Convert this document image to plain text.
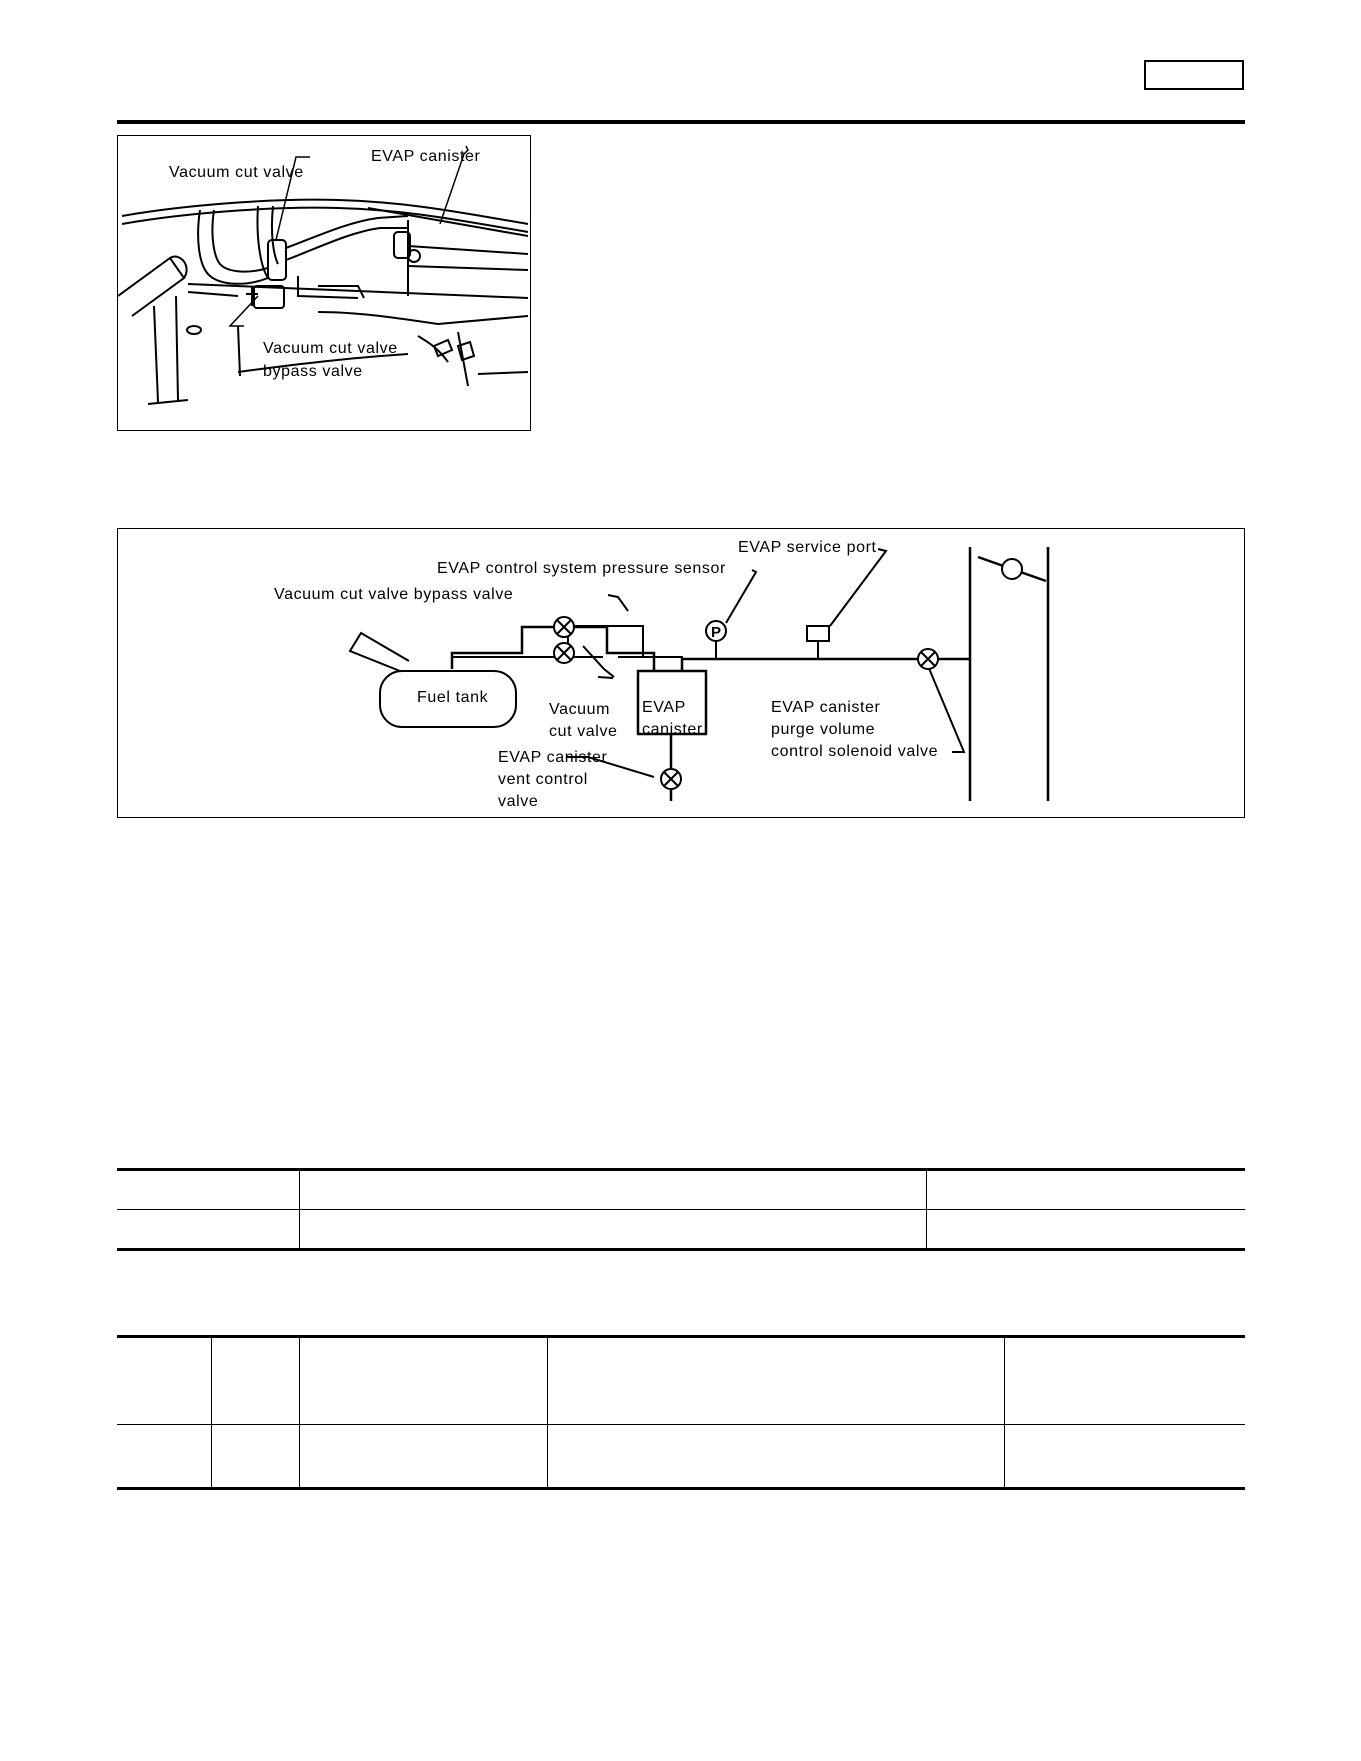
EVAP canister
Vacuum cut valve
Vacuum cut valve
bypass valve
P
EVAP service port
EVAP control system pressure sensor
Vacuum cut valve bypass valve
Fuel tank
Vacuum
cut valve
EVAP
canister
EVAP canister
vent control
valve
EVAP canister
purge volume
control solenoid valve
